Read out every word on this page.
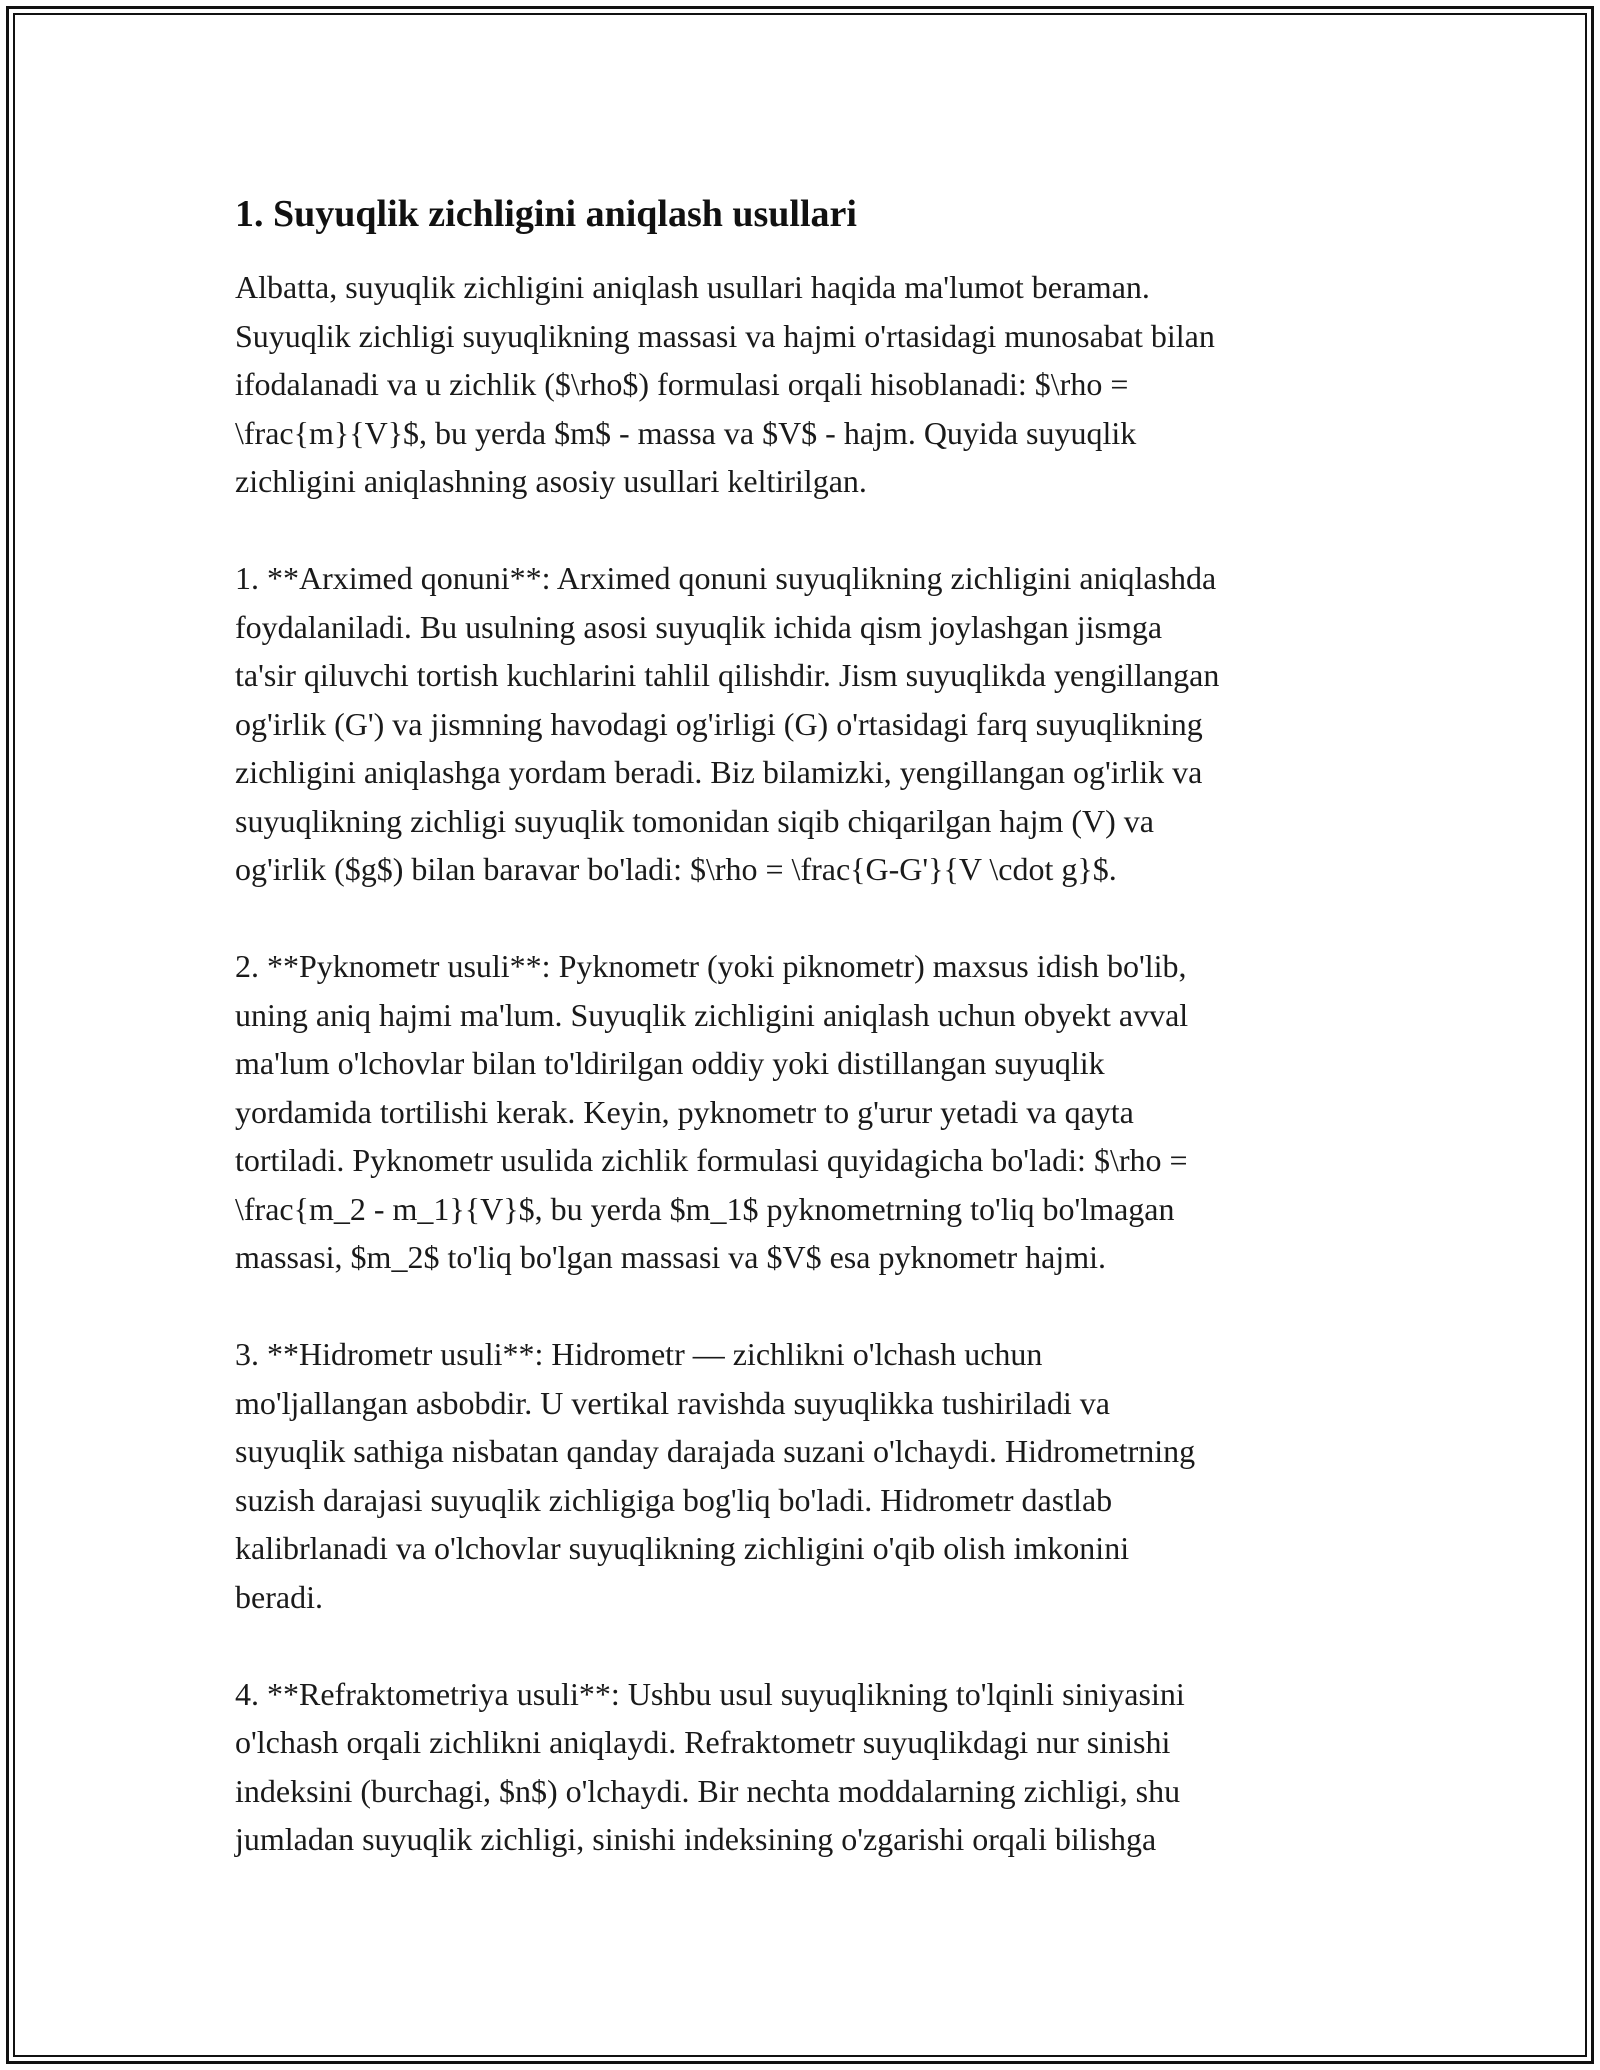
1. Suyuqlik zichligini aniqlash usullari
Albatta, suyuqlik zichligini aniqlash usullari haqida ma'lumot beraman.
Suyuqlik zichligi suyuqlikning massasi va hajmi o'rtasidagi munosabat bilan
ifodalanadi va u zichlik ($\rho$) formulasi orqali hisoblanadi: $\rho =
\frac{m}{V}$, bu yerda $m$ - massa va $V$ - hajm. Quyida suyuqlik
zichligini aniqlashning asosiy usullari keltirilgan.
1. **Arximed qonuni**: Arximed qonuni suyuqlikning zichligini aniqlashda
foydalaniladi. Bu usulning asosi suyuqlik ichida qism joylashgan jismga
ta'sir qiluvchi tortish kuchlarini tahlil qilishdir. Jism suyuqlikda yengillangan
og'irlik (G') va jismning havodagi og'irligi (G) o'rtasidagi farq suyuqlikning
zichligini aniqlashga yordam beradi. Biz bilamizki, yengillangan og'irlik va
suyuqlikning zichligi suyuqlik tomonidan siqib chiqarilgan hajm (V) va
og'irlik ($g$) bilan baravar bo'ladi: $\rho = \frac{G-G'}{V \cdot g}$.
2. **Pyknometr usuli**: Pyknometr (yoki piknometr) maxsus idish bo'lib,
uning aniq hajmi ma'lum. Suyuqlik zichligini aniqlash uchun obyekt avval
ma'lum o'lchovlar bilan to'ldirilgan oddiy yoki distillangan suyuqlik
yordamida tortilishi kerak. Keyin, pyknometr to g'urur yetadi va qayta
tortiladi. Pyknometr usulida zichlik formulasi quyidagicha bo'ladi: $\rho =
\frac{m_2 - m_1}{V}$, bu yerda $m_1$ pyknometrning to'liq bo'lmagan
massasi, $m_2$ to'liq bo'lgan massasi va $V$ esa pyknometr hajmi.
3. **Hidrometr usuli**: Hidrometr — zichlikni o'lchash uchun
mo'ljallangan asbobdir. U vertikal ravishda suyuqlikka tushiriladi va
suyuqlik sathiga nisbatan qanday darajada suzani o'lchaydi. Hidrometrning
suzish darajasi suyuqlik zichligiga bog'liq bo'ladi. Hidrometr dastlab
kalibrlanadi va o'lchovlar suyuqlikning zichligini o'qib olish imkonini
beradi.
4. **Refraktometriya usuli**: Ushbu usul suyuqlikning to'lqinli siniyasini
o'lchash orqali zichlikni aniqlaydi. Refraktometr suyuqlikdagi nur sinishi
indeksini (burchagi, $n$) o'lchaydi. Bir nechta moddalarning zichligi, shu
jumladan suyuqlik zichligi, sinishi indeksining o'zgarishi orqali bilishga
